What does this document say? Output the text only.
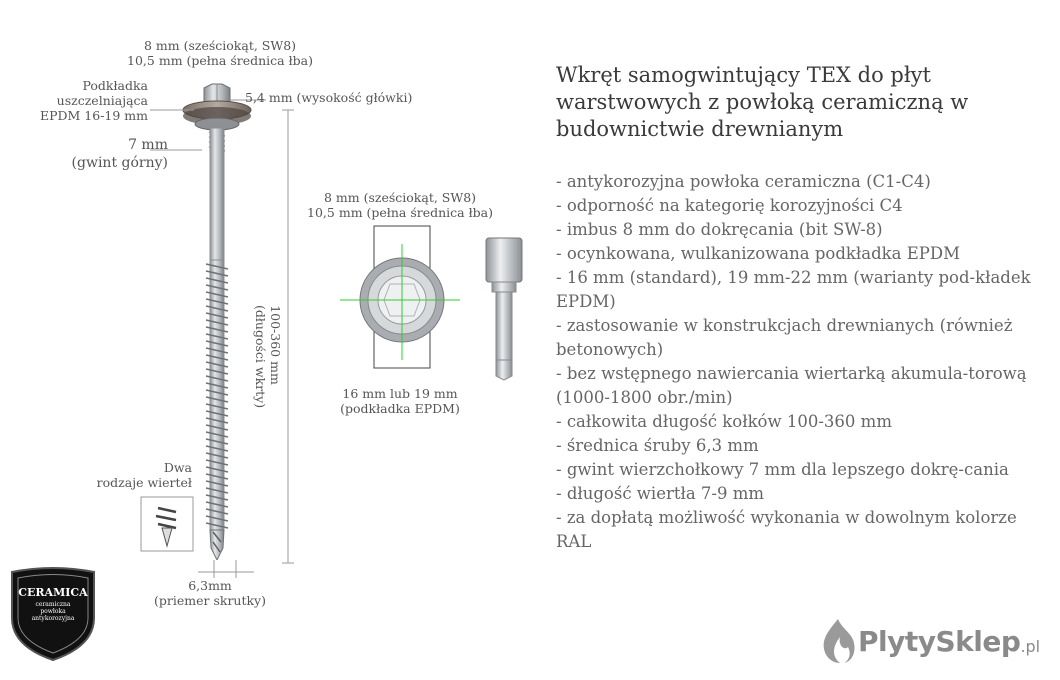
8 mm (sześciokąt, SW8)
10,5 mm (pełna średnica łba)
Podkładka
uszczelniająca
EPDM 16-19 mm
5,4 mm (wysokość główki)
7 mm
(gwint górny)
100-360 mm
(długości wkrty)
Dwa
rodzaje wierteł
6,3mm
(priemer skrutky)
8 mm (sześciokąt, SW8)
10,5 mm (pełna średnica łba)
16 mm lub 19 mm
(podkładka EPDM)
CERAMICA
ceramiczna
powłoka
antykorozyjna
Wkręt samogwintujący TEX do płyt warstwowych z powłoką ceramiczną w budownictwie drewnianym
- antykorozyjna powłoka ceramiczna (C1-C4)
- odporność na kategorię korozyjności C4
- imbus 8 mm do dokręcania (bit SW-8)
- ocynkowana, wulkanizowana podkładka EPDM
- 16 mm (standard), 19 mm-22 mm (warianty pod-kładek EPDM)
- zastosowanie w konstrukcjach drewnianych (również betonowych)
- bez wstępnego nawiercania wiertarką akumula-torową (1000-1800 obr./min)
- całkowita długość kołków 100-360 mm
- średnica śruby 6,3 mm
- gwint wierzchołkowy 7 mm dla lepszego dokrę-cania
- długość wiertła 7-9 mm
- za dopłatą możliwość wykonania w dowolnym kolorze RAL
PlytySklep .pl
